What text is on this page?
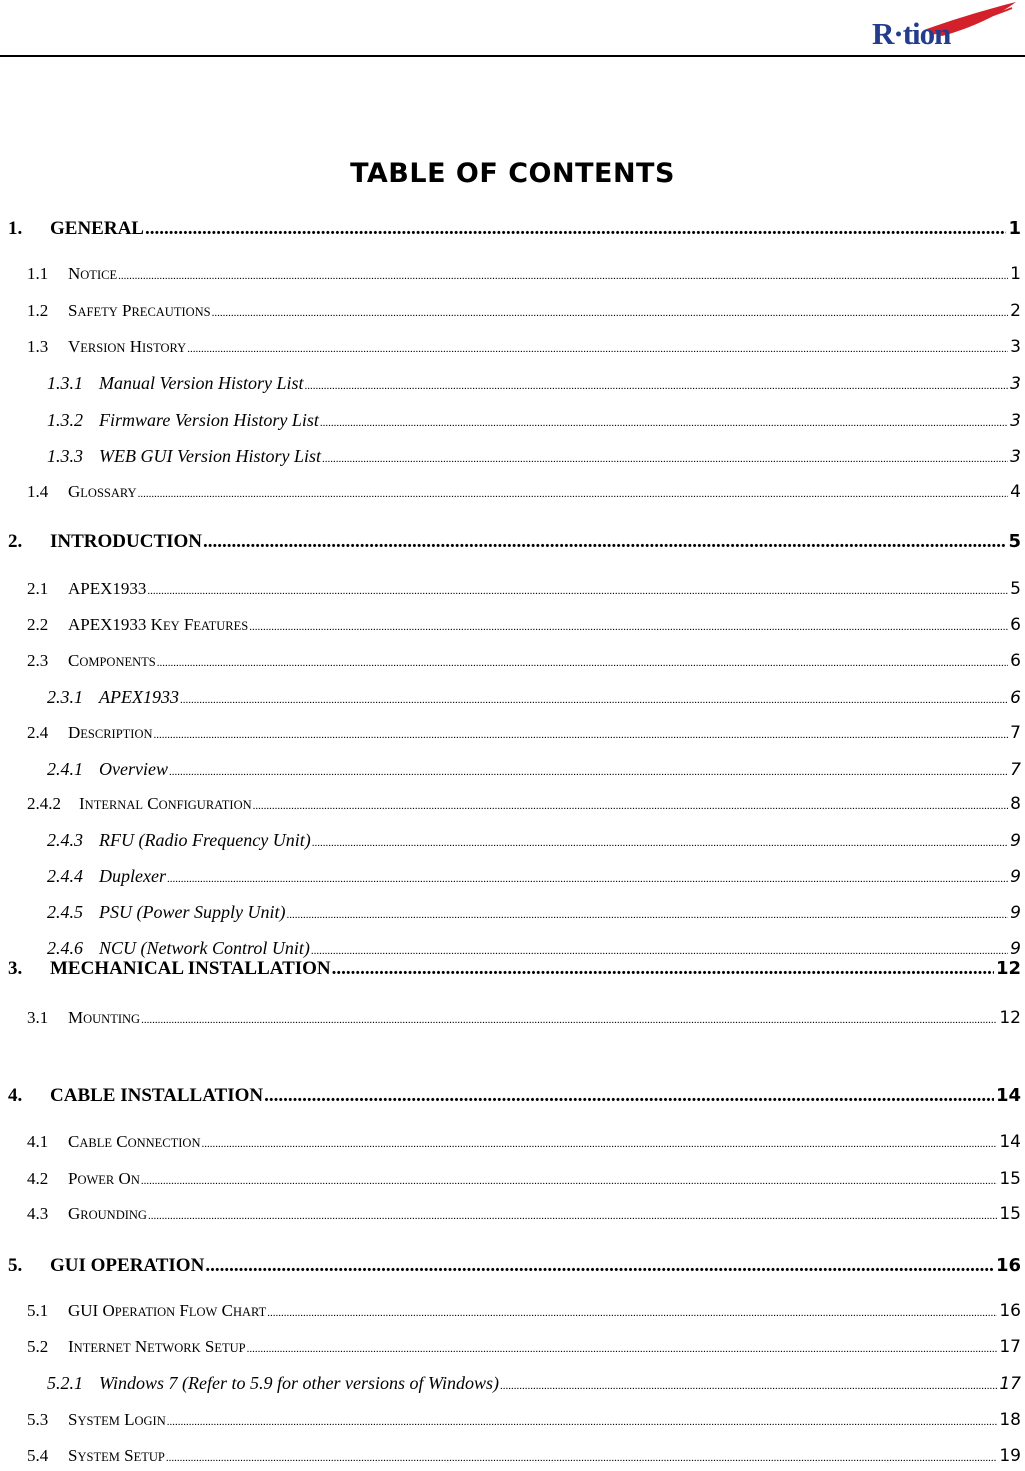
R·tion
TABLE OF CONTENTS
1.	GENERAL .....	1
1.1	NOTICE .....	1
1.2	SAFETY PRECAUTIONS .....	2
1.3	VERSION HISTORY .....	3
1.3.1 Manual Version History List .....	3
1.3.2 Firmware Version History List .....	3
1.3.3 WEB GUI Version History List .....	3
1.4	GLOSSARY .....	4
2.	INTRODUCTION .....	5
2.1	APEX1933 .....	5
2.2	APEX1933 KEY FEATURES .....	6
2.3	COMPONENTS .....	6
2.3.1 APEX1933 .....	6
2.4	DESCRIPTION .....	7
2.4.1 Overview .....	7
2.4.2	INTERNAL CONFIGURATION .....	8
2.4.3 RFU (Radio Frequency Unit) .....	9
2.4.4 Duplexer .....	9
2.4.5 PSU (Power Supply Unit) .....	9
2.4.6 NCU (Network Control Unit) .....	9
3.	MECHANICAL INSTALLATION .....	12
3.1	MOUNTING .....	12
4.	CABLE INSTALLATION .....	14
4.1	CABLE CONNECTION .....	14
4.2	POWER ON .....	15
4.3	GROUNDING .....	15
5.	GUI OPERATION .....	16
5.1	GUI OPERATION FLOW CHART .....	16
5.2	INTERNET NETWORK SETUP .....	17
5.2.1 Windows 7 (Refer to 5.9 for other versions of Windows) .....	17
5.3	SYSTEM LOGIN .....	18
5.4	SYSTEM SETUP .....	19
